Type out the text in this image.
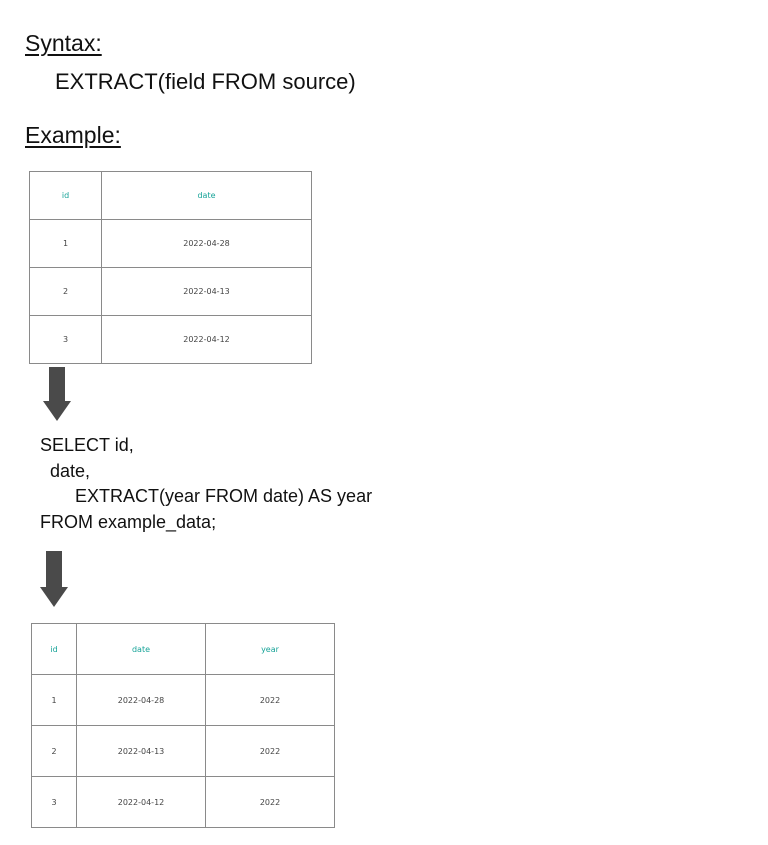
Syntax:
EXTRACT(field FROM source)
Example:
id	date
1	2022-04-28
2	2022-04-13
3	2022-04-12
SELECT id,
date,
EXTRACT(year FROM date) AS year
FROM example_data;
id	date	year
1	2022-04-28	2022
2	2022-04-13	2022
3	2022-04-12	2022
